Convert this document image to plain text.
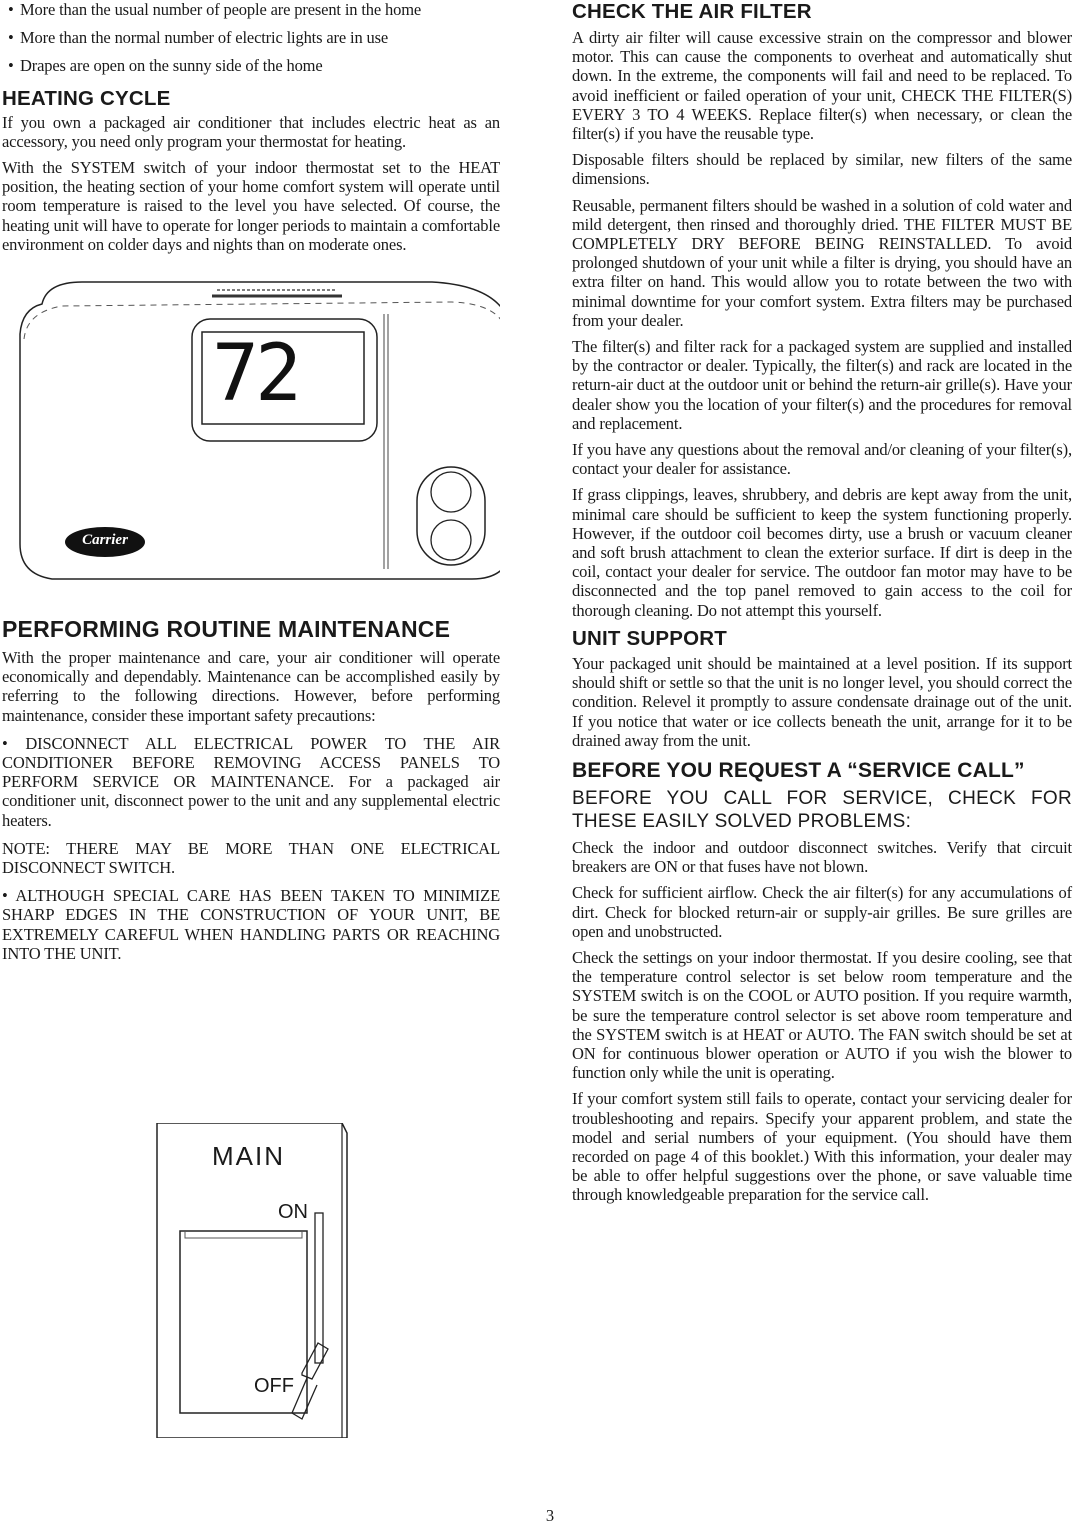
• More than the usual number of people are present in the home

• More than the normal number of electric lights are in use

• Drapes are open on the sunny side of the home

HEATING CYCLE

If you own a packaged air conditioner that includes electric heat as an accessory, you need only program your thermostat for heating.

With the SYSTEM switch of your indoor thermostat set to the HEAT position, the heating section of your home comfort system will operate until room temperature is raised to the level you have selected. Of course, the heating unit will have to operate for longer periods to maintain a comfortable environment on colder days and nights than on moderate ones.

72
Carrier
PERFORMING ROUTINE MAINTENANCE

With the proper maintenance and care, your air conditioner will operate economically and dependably. Maintenance can be accomplished easily by referring to the following directions. However, before performing maintenance, consider these important safety precautions:

• DISCONNECT ALL ELECTRICAL POWER TO THE AIR CONDITIONER BEFORE REMOVING ACCESS PANELS TO PERFORM SERVICE OR MAINTENANCE. For a packaged air conditioner unit, disconnect power to the unit and any supplemental electric heaters.

NOTE: THERE MAY BE MORE THAN ONE ELECTRICAL DISCONNECT SWITCH.

• ALTHOUGH SPECIAL CARE HAS BEEN TAKEN TO MINIMIZE SHARP EDGES IN THE CONSTRUCTION OF YOUR UNIT, BE EXTREMELY CAREFUL WHEN HANDLING PARTS OR REACHING INTO THE UNIT.

MAIN
ON
OFF
CHECK THE AIR FILTER

A dirty air filter will cause excessive strain on the compressor and blower motor. This can cause the components to overheat and automatically shut down. In the extreme, the components will fail and need to be replaced. To avoid inefficient or failed operation of your unit, CHECK THE FILTER(S) EVERY 3 TO 4 WEEKS. Replace filter(s) when necessary, or clean the filter(s) if you have the reusable type.

Disposable filters should be replaced by similar, new filters of the same dimensions.

Reusable, permanent filters should be washed in a solution of cold water and mild detergent, then rinsed and thoroughly dried. THE FILTER MUST BE COMPLETELY DRY BEFORE BEING REINSTALLED. To avoid prolonged shutdown of your unit while a filter is drying, you should have an extra filter on hand. This would allow you to rotate between the two with minimal downtime for your comfort system. Extra filters may be purchased from your dealer.

The filter(s) and filter rack for a packaged system are supplied and installed by the contractor or dealer. Typically, the filter(s) and rack are located in the return-air duct at the outdoor unit or behind the return-air grille(s). Have your dealer show you the location of your filter(s) and the procedures for removal and replacement.

If you have any questions about the removal and/or cleaning of your filter(s), contact your dealer for assistance.

If grass clippings, leaves, shrubbery, and debris are kept away from the unit, minimal care should be sufficient to keep the system functioning properly. However, if the outdoor coil becomes dirty, use a brush or vacuum cleaner and soft brush attachment to clean the exterior surface. If dirt is deep in the coil, contact your dealer for service. The outdoor fan motor may have to be disconnected and the top panel removed to gain access to the coil for thorough cleaning. Do not attempt this yourself.

UNIT SUPPORT

Your packaged unit should be maintained at a level position. If its support should shift or settle so that the unit is no longer level, you should correct the condition. Relevel it promptly to assure condensate drainage out of the unit. If you notice that water or ice collects beneath the unit, arrange for it to be drained away from the unit.

BEFORE YOU REQUEST A “SERVICE CALL”

BEFORE YOU CALL FOR SERVICE, CHECK FOR THESE EASILY SOLVED PROBLEMS:

Check the indoor and outdoor disconnect switches. Verify that circuit breakers are ON or that fuses have not blown.

Check for sufficient airflow. Check the air filter(s) for any accumulations of dirt. Check for blocked return-air or supply-air grilles. Be sure grilles are open and unobstructed.

Check the settings on your indoor thermostat. If you desire cooling, see that the temperature control selector is set below room temperature and the SYSTEM switch is on the COOL or AUTO position. If you require warmth, be sure the temperature control selector is set above room temperature and the SYSTEM switch is at HEAT or AUTO. The FAN switch should be set at ON for continuous blower operation or AUTO if you wish the blower to function only while the unit is operating.

If your comfort system still fails to operate, contact your servicing dealer for troubleshooting and repairs. Specify your apparent problem, and state the model and serial numbers of your equipment. (You should have them recorded on page 4 of this booklet.) With this information, your dealer may be able to offer helpful suggestions over the phone, or save valuable time through knowledgeable preparation for the service call.

3
